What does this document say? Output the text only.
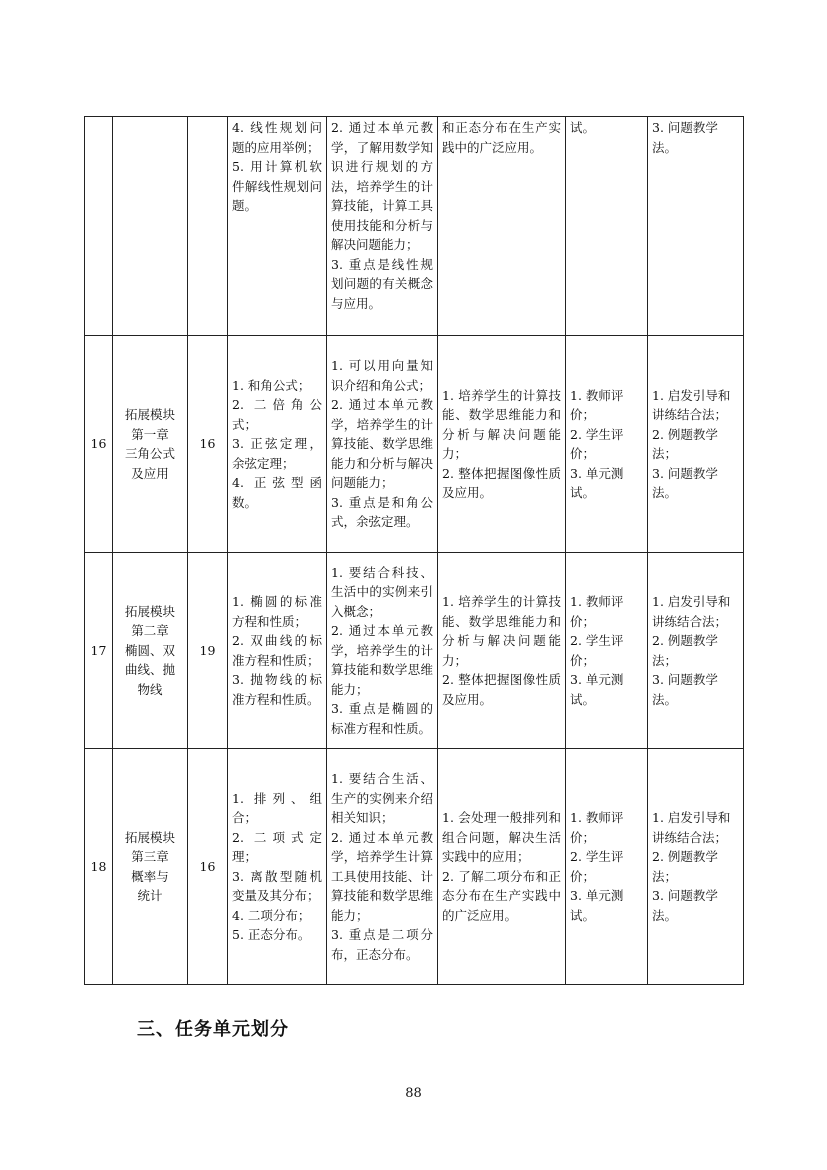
			4. 线性规划问题的应用举例；
5. 用计算机软件解线性规划问题。	2. 通过本单元教学，了解用数学知识进行规划的方法，培养学生的计算技能，计算工具使用技能和分析与解决问题能力；
3. 重点是线性规划问题的有关概念与应用。	和正态分布在生产实践中的广泛应用。	试。	3. 问题教学法。
16	拓展模块
第一章
三角公式
及应用	16	1. 和角公式；
2. 二倍角公式；
3. 正弦定理，余弦定理；
4. 正弦型函数。	1. 可以用向量知识介绍和角公式；
2. 通过本单元教学，培养学生的计算技能、数学思维能力和分析与解决问题能力；
3. 重点是和角公式，余弦定理。	1. 培养学生的计算技能、数学思维能力和分析与解决问题能力；
2. 整体把握图像性质及应用。	1. 教师评价；
2. 学生评价；
3. 单元测试。	1. 启发引导和讲练结合法；
2. 例题教学法；
3. 问题教学法。
17	拓展模块
第二章
椭圆、双
曲线、抛
物线	19	1. 椭圆的标准方程和性质；
2. 双曲线的标准方程和性质；
3. 抛物线的标准方程和性质。	1. 要结合科技、生活中的实例来引入概念；
2. 通过本单元教学，培养学生的计算技能和数学思维能力；
3. 重点是椭圆的标准方程和性质。	1. 培养学生的计算技能、数学思维能力和分析与解决问题能力；
2. 整体把握图像性质及应用。	1. 教师评价；
2. 学生评价；
3. 单元测试。	1. 启发引导和讲练结合法；
2. 例题教学法；
3. 问题教学法。
18	拓展模块
第三章
概率与
统计	16	1. 排列、组合；
2. 二项式定理；
3. 离散型随机变量及其分布；
4. 二项分布；
5. 正态分布。	1. 要结合生活、生产的实例来介绍相关知识；
2. 通过本单元教学，培养学生计算工具使用技能、计算技能和数学思维能力；
3. 重点是二项分布，正态分布。	1. 会处理一般排列和组合问题，解决生活实践中的应用；
2. 了解二项分布和正态分布在生产实践中的广泛应用。	1. 教师评价；
2. 学生评价；
3. 单元测试。	1. 启发引导和讲练结合法；
2. 例题教学法；
3. 问题教学法。
三、任务单元划分
88
